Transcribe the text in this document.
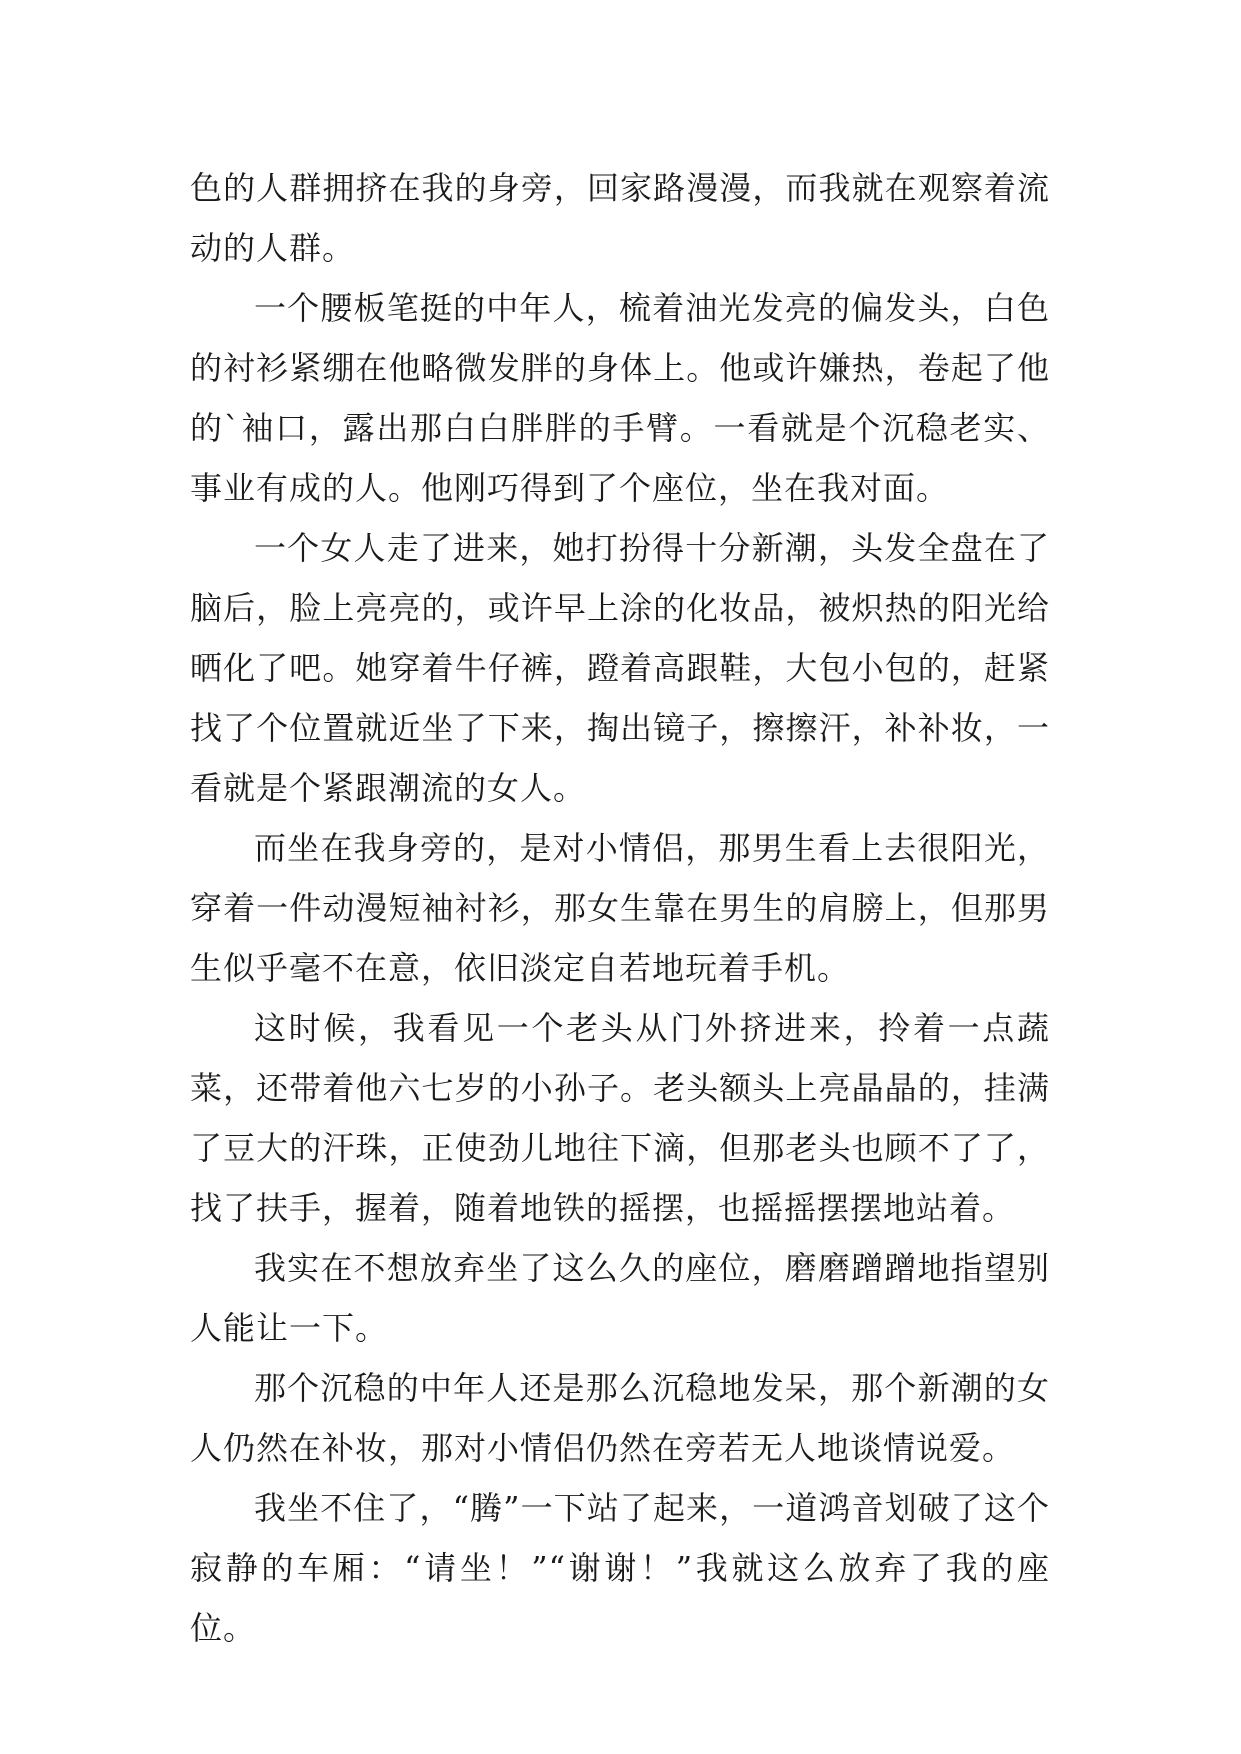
色的人群拥挤在我的身旁，回家路漫漫，而我就在观察着流动的人群。

一个腰板笔挺的中年人，梳着油光发亮的偏发头，白色的衬衫紧绷在他略微发胖的身体上。他或许嫌热，卷起了他的`袖口，露出那白白胖胖的手臂。一看就是个沉稳老实、事业有成的人。他刚巧得到了个座位，坐在我对面。

一个女人走了进来，她打扮得十分新潮，头发全盘在了脑后，脸上亮亮的，或许早上涂的化妆品，被炽热的阳光给晒化了吧。她穿着牛仔裤，蹬着高跟鞋，大包小包的，赶紧找了个位置就近坐了下来，掏出镜子，擦擦汗，补补妆，一看就是个紧跟潮流的女人。

而坐在我身旁的，是对小情侣，那男生看上去很阳光，穿着一件动漫短袖衬衫，那女生靠在男生的肩膀上，但那男生似乎毫不在意，依旧淡定自若地玩着手机。

这时候，我看见一个老头从门外挤进来，拎着一点蔬菜，还带着他六七岁的小孙子。老头额头上亮晶晶的，挂满了豆大的汗珠，正使劲儿地往下滴，但那老头也顾不了了，找了扶手，握着，随着地铁的摇摆，也摇摇摆摆地站着。

我实在不想放弃坐了这么久的座位，磨磨蹭蹭地指望别人能让一下。

那个沉稳的中年人还是那么沉稳地发呆，那个新潮的女人仍然在补妆，那对小情侣仍然在旁若无人地谈情说爱。

我坐不住了，“腾”一下站了起来，一道鸿音划破了这个寂静的车厢：“请坐！”“谢谢！”我就这么放弃了我的座位。
